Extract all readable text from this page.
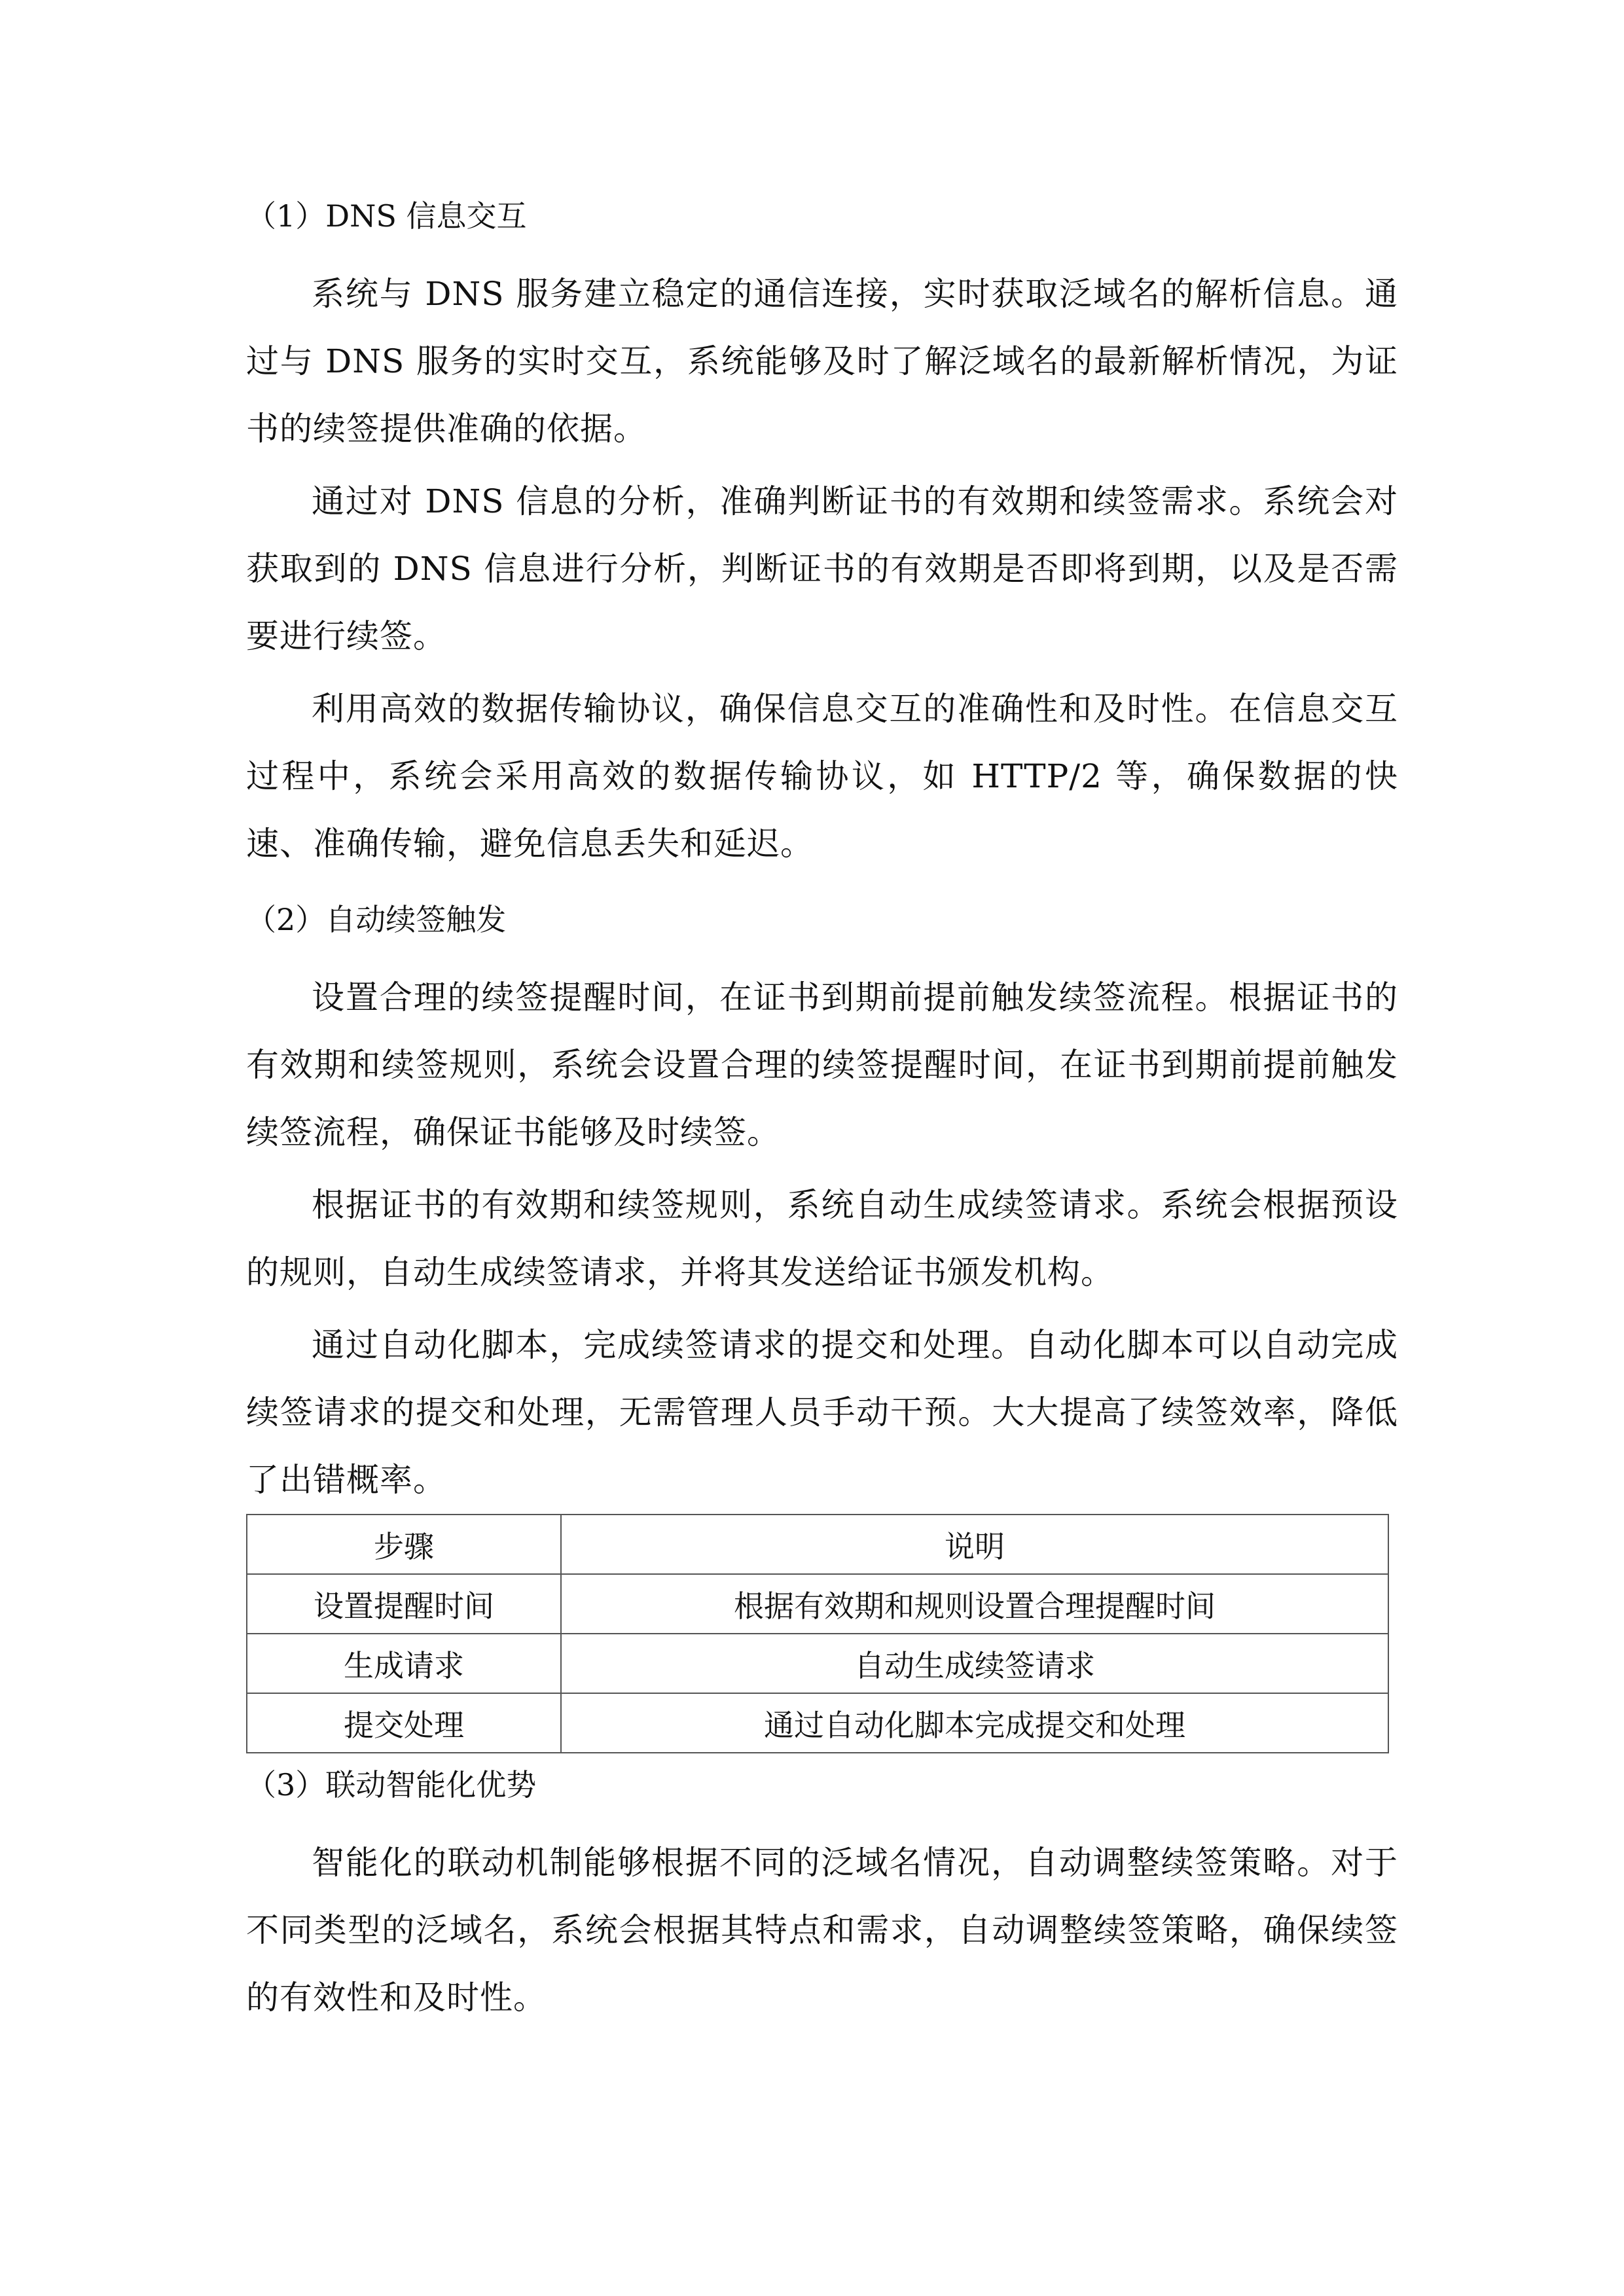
（1）DNS 信息交互

系统与 DNS 服务建立稳定的通信连接，实时获取泛域名的解析信息。通过与 DNS 服务的实时交互，系统能够及时了解泛域名的最新解析情况，为证书的续签提供准确的依据。

通过对 DNS 信息的分析，准确判断证书的有效期和续签需求。系统会对获取到的 DNS 信息进行分析，判断证书的有效期是否即将到期，以及是否需要进行续签。

利用高效的数据传输协议，确保信息交互的准确性和及时性。在信息交互过程中，系统会采用高效的数据传输协议，如 HTTP/2 等，确保数据的快速、准确传输，避免信息丢失和延迟。

（2）自动续签触发

设置合理的续签提醒时间，在证书到期前提前触发续签流程。根据证书的有效期和续签规则，系统会设置合理的续签提醒时间，在证书到期前提前触发续签流程，确保证书能够及时续签。

根据证书的有效期和续签规则，系统自动生成续签请求。系统会根据预设的规则，自动生成续签请求，并将其发送给证书颁发机构。

通过自动化脚本，完成续签请求的提交和处理。自动化脚本可以自动完成续签请求的提交和处理，无需管理人员手动干预。大大提高了续签效率，降低了出错概率。

步骤	说明
设置提醒时间	根据有效期和规则设置合理提醒时间
生成请求	自动生成续签请求
提交处理	通过自动化脚本完成提交和处理

（3）联动智能化优势

智能化的联动机制能够根据不同的泛域名情况，自动调整续签策略。对于不同类型的泛域名，系统会根据其特点和需求，自动调整续签策略，确保续签的有效性和及时性。
